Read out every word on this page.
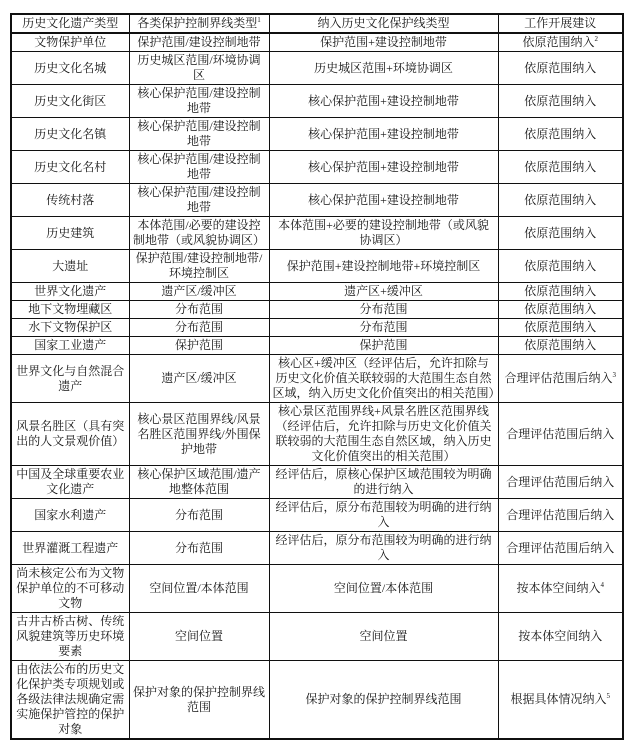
历史文化遗产类型	各类保护控制界线类型$^1$	纳入历史文化保护线类型	工作开展建议
文物保护单位	保护范围/建设控制地带	保护范围+建设控制地带	依原范围纳入$^2$
历史文化名城	历史城区范围/环境协调区	历史城区范围+环境协调区	依原范围纳入
历史文化街区	核心保护范围/建设控制地带	核心保护范围+建设控制地带	依原范围纳入
历史文化名镇	核心保护范围/建设控制地带	核心保护范围+建设控制地带	依原范围纳入
历史文化名村	核心保护范围/建设控制地带	核心保护范围+建设控制地带	依原范围纳入
传统村落	核心保护范围/建设控制地带	核心保护范围+建设控制地带	依原范围纳入
历史建筑	本体范围/必要的建设控制地带（或风貌协调区）	本体范围+必要的建设控制地带（或风貌协调区）	依原范围纳入
大遗址	保护范围/建设控制地带/环境控制区	保护范围+建设控制地带+环境控制区	依原范围纳入
世界文化遗产	遗产区/缓冲区	遗产区+缓冲区	依原范围纳入
地下文物埋藏区	分布范围	分布范围	依原范围纳入
水下文物保护区	分布范围	分布范围	依原范围纳入
国家工业遗产	保护范围	保护范围	依原范围纳入
世界文化与自然混合遗产	遗产区/缓冲区	核心区+缓冲区（经评估后，允许扣除与历史文化价值关联较弱的大范围生态自然区域，纳入历史文化价值突出的相关范围）	合理评估范围后纳入$^3$
风景名胜区（具有突出的人文景观价值）	核心景区范围界线/风景名胜区范围界线/外围保护地带	核心景区范围界线+风景名胜区范围界线（经评估后，允许扣除与历史文化价值关联较弱的大范围生态自然区域，纳入历史文化价值突出的相关范围）	合理评估范围后纳入
中国及全球重要农业文化遗产	核心保护区域范围/遗产地整体范围	经评估后，原核心保护区域范围较为明确的进行纳入	合理评估范围后纳入
国家水利遗产	分布范围	经评估后，原分布范围较为明确的进行纳入	合理评估范围后纳入
世界灌溉工程遗产	分布范围	经评估后，原分布范围较为明确的进行纳入	合理评估范围后纳入
尚未核定公布为文物保护单位的不可移动文物	空间位置/本体范围	空间位置/本体范围	按本体空间纳入$^4$
古井古桥古树、传统风貌建筑等历史环境要素	空间位置	空间位置	按本体空间纳入
由依法公布的历史文化保护类专项规划或各级法律法规确定需实施保护管控的保护对象	保护对象的保护控制界线范围	保护对象的保护控制界线范围	根据具体情况纳入$^5$
